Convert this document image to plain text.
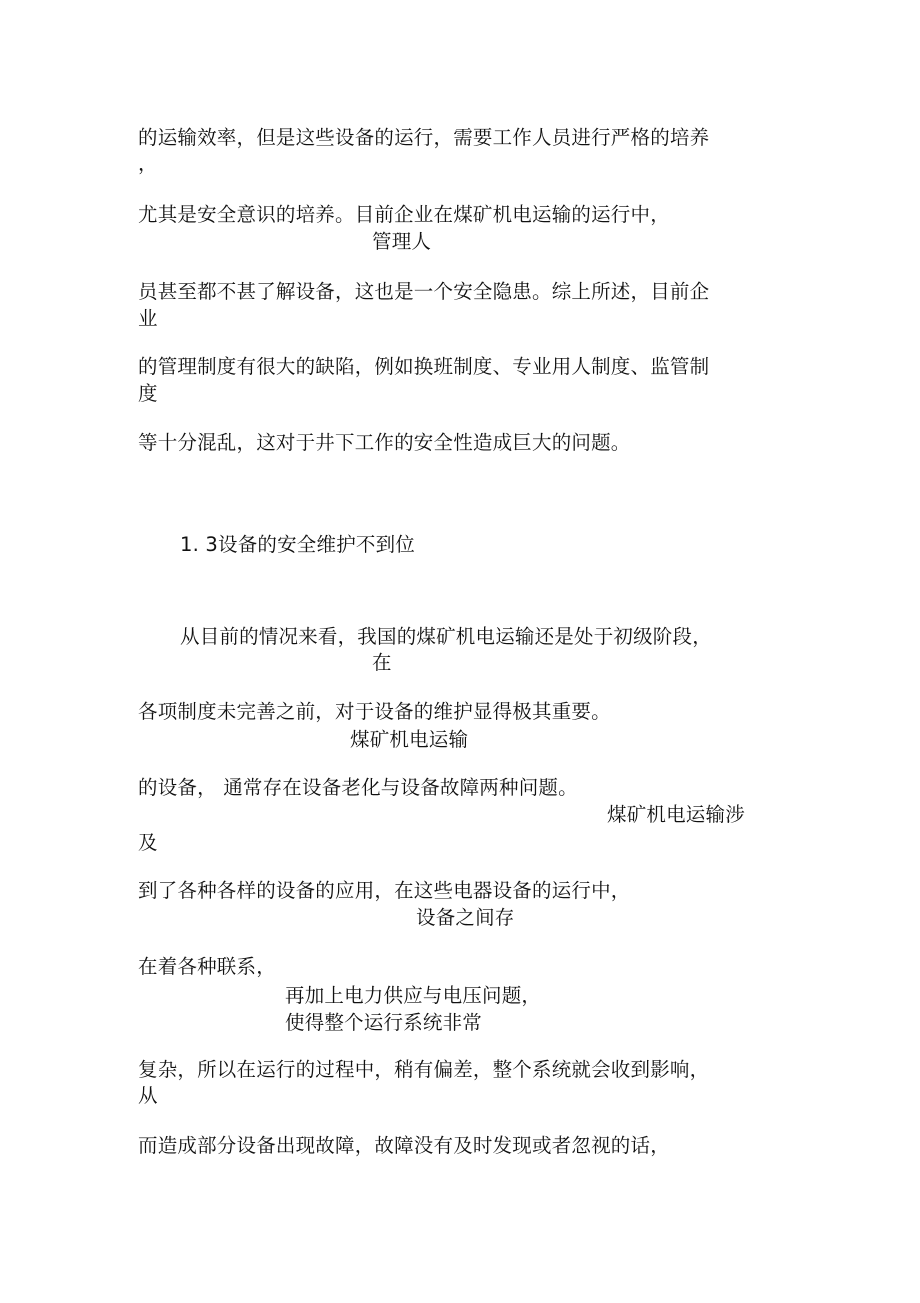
的运输效率，但是这些设备的运行，需要工作人员进行严格的培养
，
尤其是安全意识的培养。目前企业在煤矿机电运输的运行中，
管理人
员甚至都不甚了解设备，这也是一个安全隐患。综上所述，目前企
业
的管理制度有很大的缺陷，例如换班制度、专业用人制度、监管制
度
等十分混乱，这对于井下工作的安全性造成巨大的问题。
1. 3设备的安全维护不到位
从目前的情况来看，我国的煤矿机电运输还是处于初级阶段，
在
各项制度未完善之前，对于设备的维护显得极其重要。
煤矿机电运输
的设备， 通常存在设备老化与设备故障两种问题。
煤矿机电运输涉
及
到了各种各样的设备的应用，在这些电器设备的运行中，
设备之间存
在着各种联系，
再加上电力供应与电压问题，
使得整个运行系统非常
复杂，所以在运行的过程中，稍有偏差，整个系统就会收到影响，
从
而造成部分设备出现故障，故障没有及时发现或者忽视的话，
